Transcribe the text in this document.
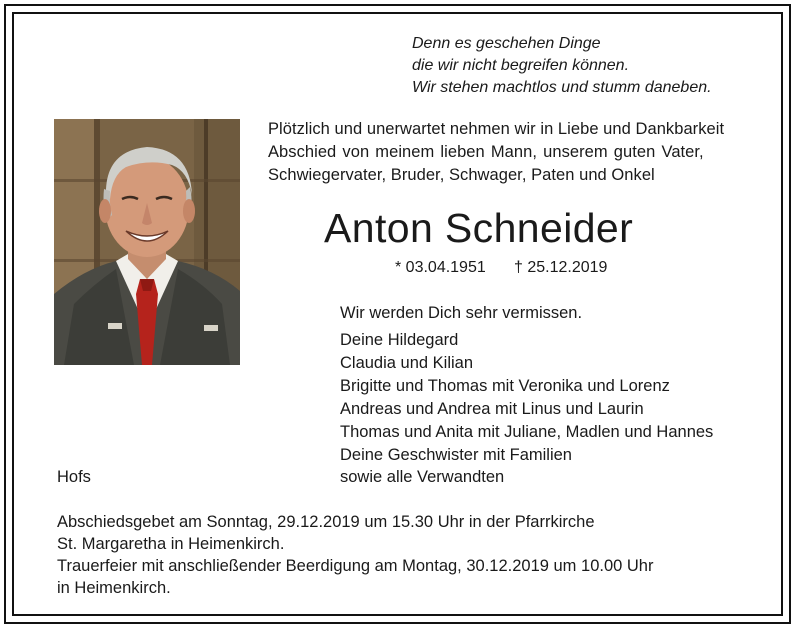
Denn es geschehen Dinge

die wir nicht begreifen können.

Wir stehen machtlos und stumm daneben.

Plötzlich und unerwartet nehmen wir in Liebe und Dankbarkeit

Abschied von meinem lieben Mann, unserem guten Vater,

Schwiegervater, Bruder, Schwager, Paten und Onkel

Anton Schneider

* 03.04.1951 † 25.12.2019

Wir werden Dich sehr vermissen.

Deine Hildegard

Claudia und Kilian

Brigitte und Thomas mit Veronika und Lorenz

Andreas und Andrea mit Linus und Laurin

Thomas und Anita mit Juliane, Madlen und Hannes

Deine Geschwister mit Familien

sowie alle Verwandten

Hofs

Abschiedsgebet am Sonntag, 29.12.2019 um 15.30 Uhr in der Pfarrkirche

St. Margaretha in Heimenkirch.

Trauerfeier mit anschließender Beerdigung am Montag, 30.12.2019 um 10.00 Uhr

in Heimenkirch.
